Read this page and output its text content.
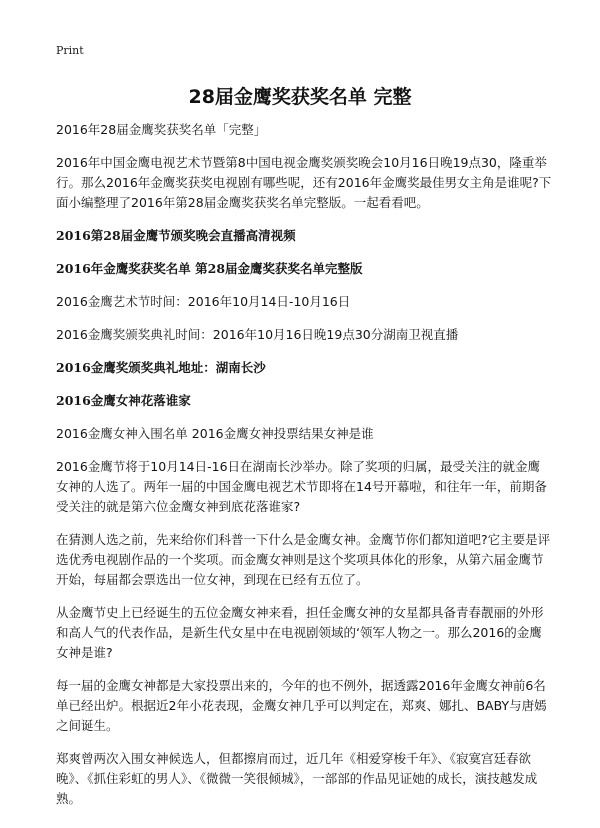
Print
28届金鹰奖获奖名单 完整

2016年28届金鹰奖获奖名单「完整」

2016年中国金鹰电视艺术节暨第8中国电视金鹰奖颁奖晚会10月16日晚19点30，隆重举行。那么2016年金鹰奖获奖电视剧有哪些呢，还有2016年金鹰奖最佳男女主角是谁呢?下面小编整理了2016年第28届金鹰奖获奖名单完整版。一起看看吧。

2016第28届金鹰节颁奖晚会直播高清视频

2016年金鹰奖获奖名单 第28届金鹰奖获奖名单完整版

2016金鹰艺术节时间：2016年10月14日-10月16日

2016金鹰奖颁奖典礼时间：2016年10月16日晚19点30分湖南卫视直播

2016金鹰奖颁奖典礼地址：湖南长沙

2016金鹰女神花落谁家

2016金鹰女神入围名单 2016金鹰女神投票结果女神是谁

2016金鹰节将于10月14日-16日在湖南长沙举办。除了奖项的归属，最受关注的就金鹰女神的人选了。两年一届的中国金鹰电视艺术节即将在14号开幕啦，和往年一年，前期备受关注的就是第六位金鹰女神到底花落谁家?

在猜测人选之前，先来给你们科普一下什么是金鹰女神。金鹰节你们都知道吧?它主要是评选优秀电视剧作品的一个奖项。而金鹰女神则是这个奖项具体化的形象，从第六届金鹰节开始，每届都会票选出一位女神，到现在已经有五位了。

从金鹰节史上已经诞生的五位金鹰女神来看，担任金鹰女神的女星都具备青春靓丽的外形和高人气的代表作品，是新生代女星中在电视剧领域的‘领军人物之一。那么2016的金鹰女神是谁?

每一届的金鹰女神都是大家投票出来的，今年的也不例外，据透露2016年金鹰女神前6名单已经出炉。根据近2年小花表现，金鹰女神几乎可以判定在，郑爽、娜扎、BABY与唐嫣之间诞生。

郑爽曾两次入围女神候选人，但都擦肩而过，近几年《相爱穿梭千年》、《寂寞宫廷春欲晚》、《抓住彩虹的男人》、《微微一笑很倾城》，一部部的作品见证她的成长，演技越发成熟。
